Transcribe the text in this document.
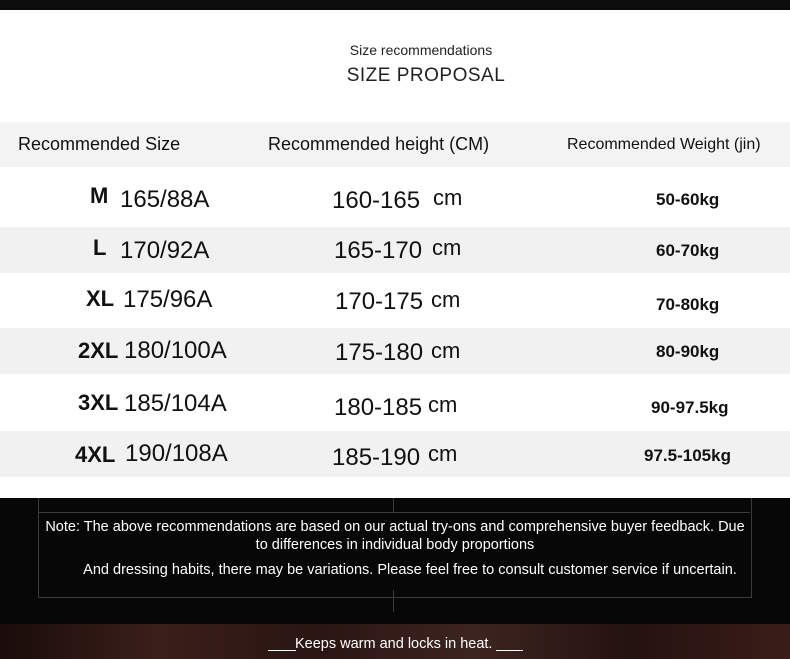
Size recommendations
SIZE PROPOSAL
Recommended Size	Recommended height (CM)	Recommended Weight (jin)
M 165/88A	160-165 cm	50-60kg
L 170/92A	165-170 cm	60-70kg
XL 175/96A	170-175 cm	70-80kg
2XL 180/100A	175-180 cm	80-90kg
3XL 185/104A	180-185 cm	90-97.5kg
4XL 190/108A	185-190 cm	97.5-105kg
Note: The above recommendations are based on our actual try-ons and comprehensive buyer feedback. Due to differences in individual body proportions
And dressing habits, there may be variations. Please feel free to consult customer service if uncertain.
Keeps warm and locks in heat.
